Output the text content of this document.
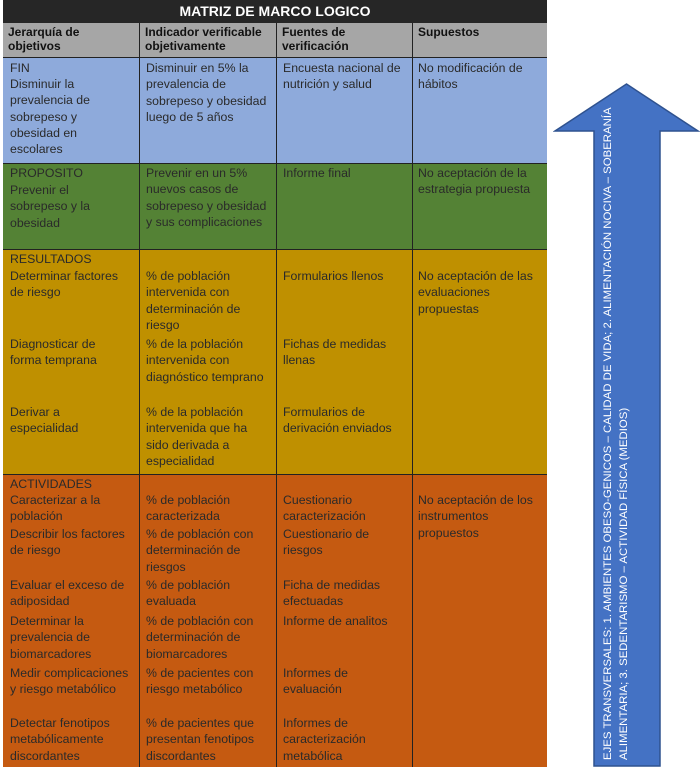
MATRIZ DE MARCO LOGICO
Jerarquía de objetivos
Indicador verificable objetivamente
Fuentes de verificación
Supuestos
FIN
Disminuir la prevalencia de sobrepeso y obesidad en escolares
Disminuir en 5% la prevalencia de sobrepeso y obesidad luego de 5 años
Encuesta nacional de nutrición y salud
No modificación de hábitos
PROPOSITO
Prevenir el sobrepeso y la obesidad
Prevenir en un 5% nuevos casos de sobrepeso y obesidad y sus complicaciones
Informe final	No aceptación de la estrategia propuesta
RESULTADOS
Determinar factores de riesgo
% de población intervenida con determinación de riesgo
Formularios llenos
Diagnosticar de forma temprana
% de la población intervenida con diagnóstico temprano
Fichas de medidas llenas
Derivar a especialidad
% de la población intervenida que ha sido derivada a especialidad
Formularios de derivación enviados
No aceptación de las evaluaciones propuestas
ACTIVIDADES
Caracterizar a la población
% de población caracterizada
Cuestionario caracterización
Describir los factores de riesgo
% de población con determinación de riesgos
Cuestionario de riesgos
Evaluar el exceso de adiposidad
% de población evaluada
Ficha de medidas efectuadas
Determinar la prevalencia de biomarcadores
% de población con determinación de biomarcadores
Informe de analitos
Medir complicaciones y riesgo metabólico
% de pacientes con riesgo metabólico
Informes de evaluación
Detectar fenotipos metabólicamente discordantes
% de pacientes que presentan fenotipos discordantes
Informes de caracterización metabólica
No aceptación de los instrumentos propuestos	EJES TRANSVERSALES: 1. AMBIENTES OBESO-GENICOS – CALIDAD DE VIDA; 2. ALIMENTACIÓN NOCIVA – SOBERANÍA ALIMENTARIA; 3. SEDENTARISMO – ACTIVIDAD FÍSICA (MEDIOS)
